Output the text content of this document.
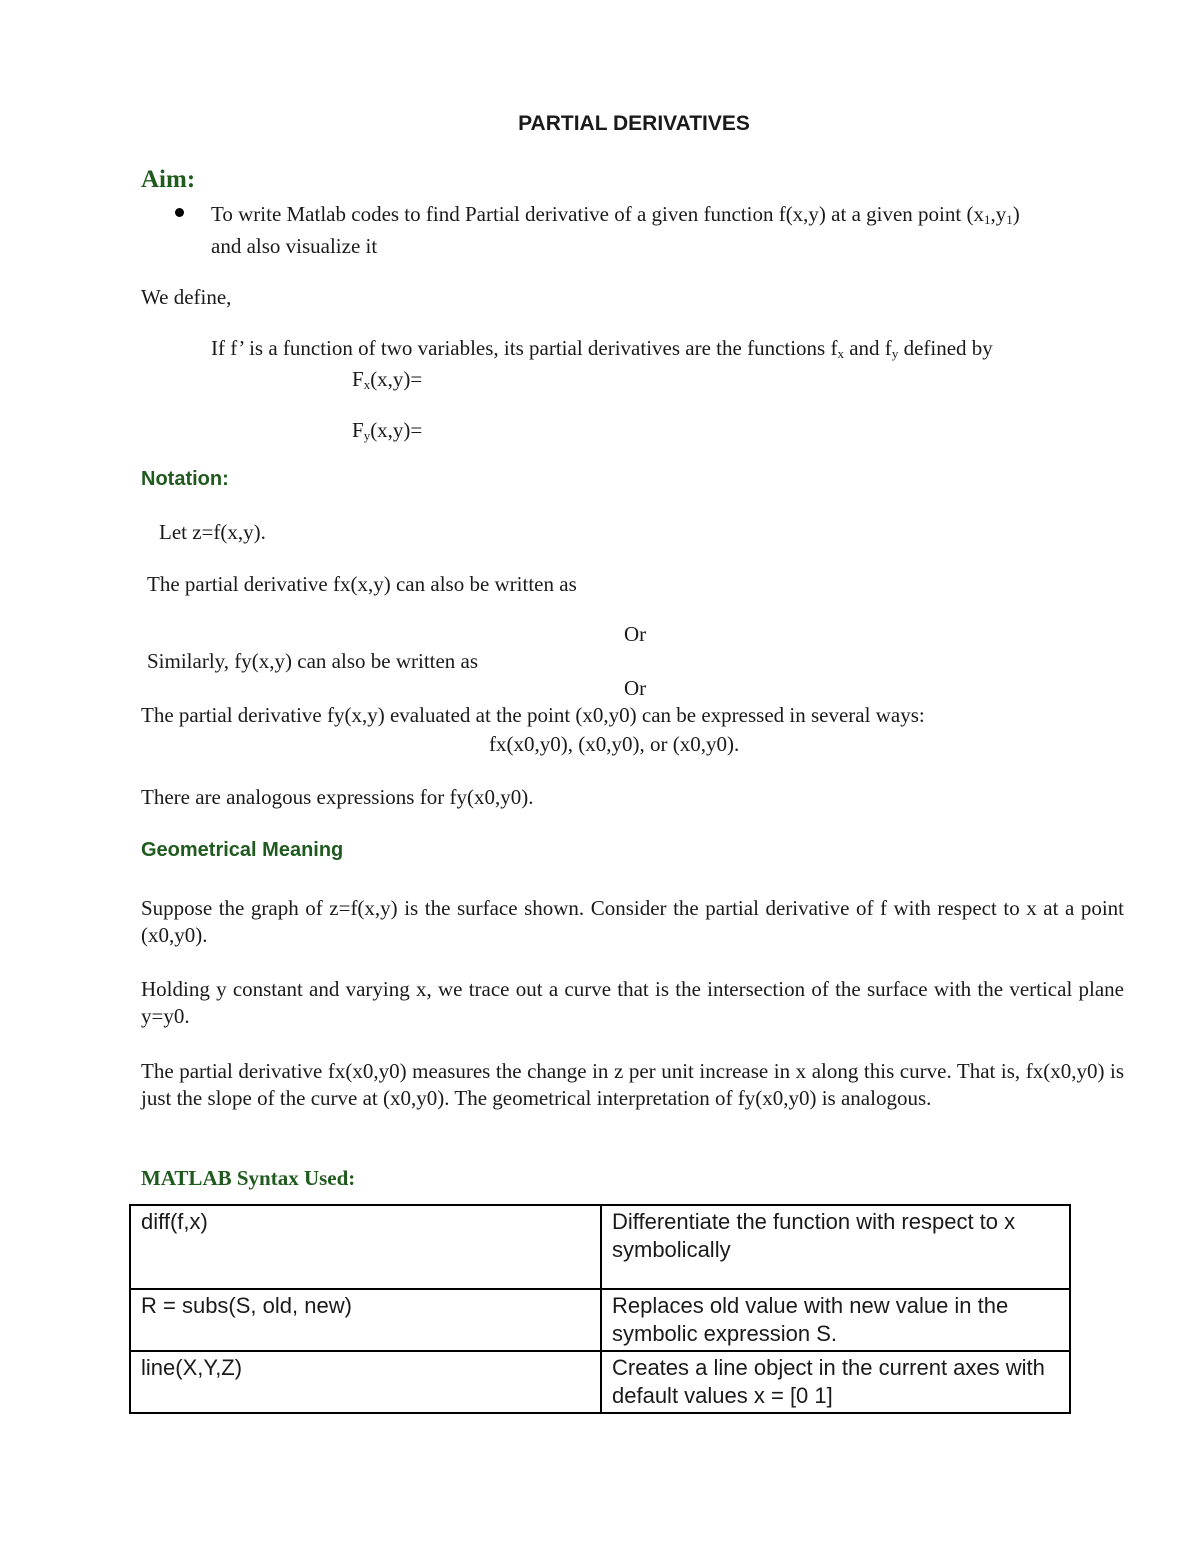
PARTIAL DERIVATIVES
Aim:
To write Matlab codes to find Partial derivative of a given function f(x,y) at a given point $(x_1,y_1)$
and also visualize it
We define,
If f’ is a function of two variables, its partial derivatives are the functions $f_x$ and $f_y$ defined by
$F_x(x,y)=$
$F_y(x,y)=$
Notation:
Let z=f(x,y).
The partial derivative fx(x,y) can also be written as
Or
Similarly, fy(x,y) can also be written as
Or
The partial derivative fy(x,y) evaluated at the point (x0,y0) can be expressed in several ways:
fx(x0,y0), (x0,y0), or (x0,y0).
There are analogous expressions for fy(x0,y0).
Geometrical Meaning
Suppose the graph of z=f(x,y) is the surface shown. Consider the partial derivative of f with respect to x at a point (x0,y0).
Holding y constant and varying x, we trace out a curve that is the intersection of the surface with the vertical plane y=y0.
The partial derivative fx(x0,y0) measures the change in z per unit increase in x along this curve. That is, fx(x0,y0) is just the slope of the curve at (x0,y0). The geometrical interpretation of fy(x0,y0) is analogous.
MATLAB Syntax Used:
diff(f,x)	Differentiate the function with respect to x symbolically
R = subs(S, old, new)	Replaces old value with new value in the symbolic expression S.
line(X,Y,Z)	Creates a line object in the current axes with default values x = [0 1]
